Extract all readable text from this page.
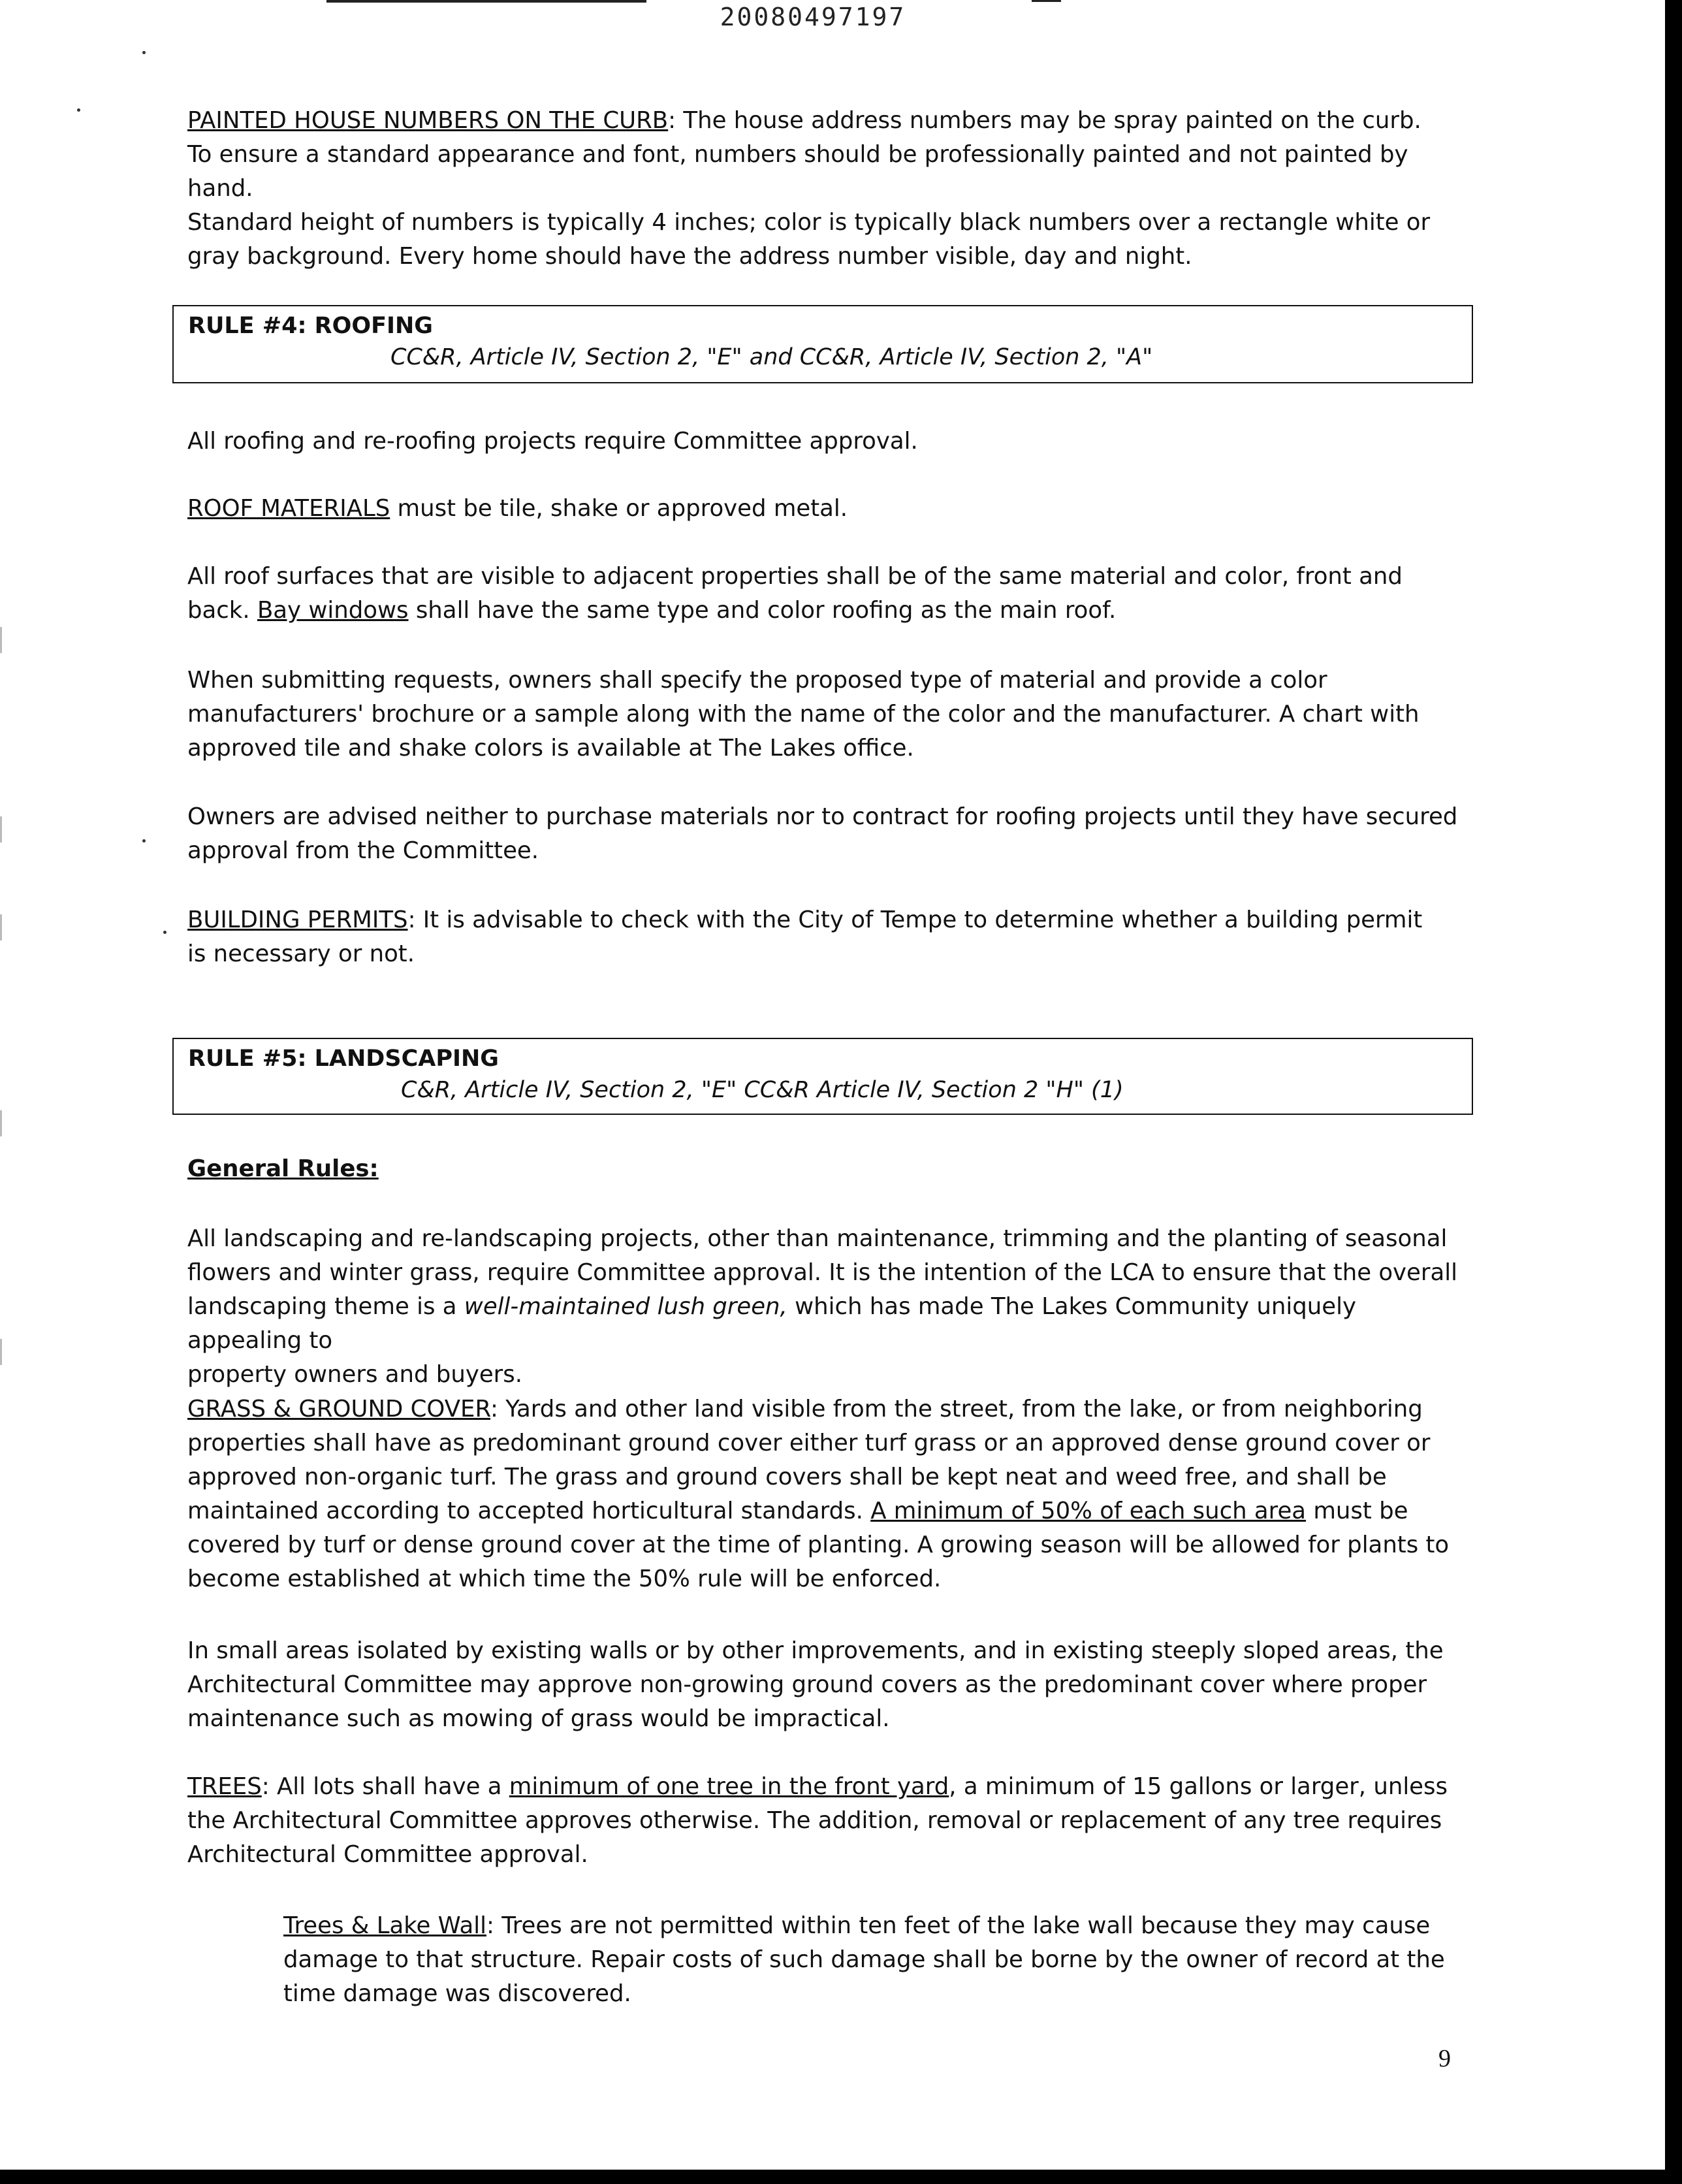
20080497197
PAINTED HOUSE NUMBERS ON THE CURB: The house address numbers may be spray painted on the curb.
To ensure a standard appearance and font, numbers should be professionally painted and not painted by hand.
Standard height of numbers is typically 4 inches; color is typically black numbers over a rectangle white or
gray background. Every home should have the address number visible, day and night.
RULE #4: ROOFING
CC&R, Article IV, Section 2, "E" and CC&R, Article IV, Section 2, "A"
All roofing and re-roofing projects require Committee approval.
ROOF MATERIALS must be tile, shake or approved metal.
All roof surfaces that are visible to adjacent properties shall be of the same material and color, front and
back. Bay windows shall have the same type and color roofing as the main roof.
When submitting requests, owners shall specify the proposed type of material and provide a color
manufacturers' brochure or a sample along with the name of the color and the manufacturer. A chart with
approved tile and shake colors is available at The Lakes office.
Owners are advised neither to purchase materials nor to contract for roofing projects until they have secured
approval from the Committee.
BUILDING PERMITS: It is advisable to check with the City of Tempe to determine whether a building permit
is necessary or not.
RULE #5: LANDSCAPING
C&R, Article IV, Section 2, "E" CC&R Article IV, Section 2 "H" (1)
General Rules:
All landscaping and re-landscaping projects, other than maintenance, trimming and the planting of seasonal
flowers and winter grass, require Committee approval. It is the intention of the LCA to ensure that the overall
landscaping theme is a well-maintained lush green, which has made The Lakes Community uniquely appealing to
property owners and buyers.
GRASS & GROUND COVER: Yards and other land visible from the street, from the lake, or from neighboring
properties shall have as predominant ground cover either turf grass or an approved dense ground cover or
approved non-organic turf. The grass and ground covers shall be kept neat and weed free, and shall be
maintained according to accepted horticultural standards. A minimum of 50% of each such area must be
covered by turf or dense ground cover at the time of planting. A growing season will be allowed for plants to
become established at which time the 50% rule will be enforced.
In small areas isolated by existing walls or by other improvements, and in existing steeply sloped areas, the
Architectural Committee may approve non-growing ground covers as the predominant cover where proper
maintenance such as mowing of grass would be impractical.
TREES: All lots shall have a minimum of one tree in the front yard, a minimum of 15 gallons or larger, unless
the Architectural Committee approves otherwise. The addition, removal or replacement of any tree requires
Architectural Committee approval.
Trees & Lake Wall: Trees are not permitted within ten feet of the lake wall because they may cause
damage to that structure. Repair costs of such damage shall be borne by the owner of record at the
time damage was discovered.
9
